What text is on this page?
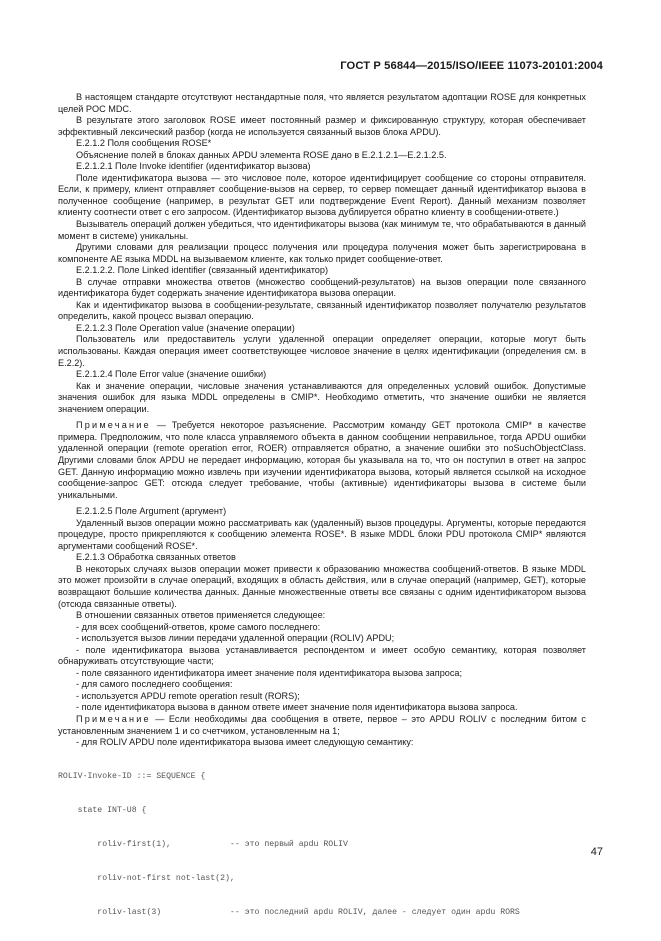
ГОСТ Р 56844—2015/ISO/IEEE 11073-20101:2004

В настоящем стандарте отсутствуют нестандартные поля, что является результатом адоптации ROSE для конкретных целей POC MDC.

В результате этого заголовок ROSE имеет постоянный размер и фиксированную структуру, которая обеспечивает эффективный лексический разбор (когда не используется связанный вызов блока APDU).

E.2.1.2 Поля сообщения ROSE*

Объяснение полей в блоках данных APDU элемента ROSE дано в E.2.1.2.1—E.2.1.2.5.

E.2.1.2.1 Поле Invoke identifier (идентификатор вызова)

Поле идентификатора вызова — это числовое поле, которое идентифицирует сообщение со стороны отправителя. Если, к примеру, клиент отправляет сообщение-вызов на сервер, то сервер помещает данный идентификатор вызова в полученное сообщение (например, в результат GET или подтверждение Event Report). Данный механизм позволяет клиенту соотнести ответ с его запросом. (Идентификатор вызова дублируется обратно клиенту в сообщении-ответе.)

Вызыватель операций должен убедиться, что идентификаторы вызова (как минимум те, что обрабатываются в данный момент в системе) уникальны.

Другими словами для реализации процесс получения или процедура получения может быть зарегистрирована в компоненте AE языка MDDL на вызываемом клиенте, как только придет сообщение-ответ.

E.2.1.2.2. Поле Linked identifier (связанный идентификатор)

В случае отправки множества ответов (множество сообщений-результатов) на вызов операции поле связанного идентификатора будет содержать значение идентификатора вызова операции.

Как и идентификатор вызова в сообщении-результате, связанный идентификатор позволяет получателю результатов определить, какой процесс вызвал операцию.

E.2.1.2.3 Поле Operation value (значение операции)

Пользователь или предоставитель услуги удаленной операции определяет операции, которые могут быть использованы. Каждая операция имеет соответствующее числовое значение в целях идентификации (определения см. в E.2.2).

E.2.1.2.4 Поле Error value (значение ошибки)

Как и значение операции, числовые значения устанавливаются для определенных условий ошибок. Допустимые значения ошибок для языка MDDL определены в CMIP*. Необходимо отметить, что значение ошибки не является значением операции.

Примечание — Требуется некоторое разъяснение. Рассмотрим команду GET протокола CMIP* в качестве примера. Предположим, что поле класса управляемого объекта в данном сообщении неправильное, тогда APDU ошибки удаленной операции (remote operation error, ROER) отправляется обратно, а значение ошибки это noSuchObjectClass. Другими словами блок APDU не передает информацию, которая бы указывала на то, что он поступил в ответ на запрос GET. Данную информацию можно извлечь при изучении идентификатора вызова, который является ссылкой на исходное сообщение-запрос GET: отсюда следует требование, чтобы (активные) идентификаторы вызова в системе были уникальными.

E.2.1.2.5 Поле Argument (аргумент)

Удаленный вызов операции можно рассматривать как (удаленный) вызов процедуры. Аргументы, которые передаются процедуре, просто прикрепляются к сообщению элемента ROSE*. В языке MDDL блоки PDU протокола CMIP* являются аргументами сообщений ROSE*.

E.2.1.3 Обработка связанных ответов

В некоторых случаях вызов операции может привести к образованию множества сообщений-ответов. В языке MDDL это может произойти в случае операций, входящих в область действия, или в случае операций (например, GET), которые возвращают большие количества данных. Данные множественные ответы все связаны с одним идентификатором вызова (отсюда связанные ответы).

В отношении связанных ответов применяется следующее:

- для всех сообщений-ответов, кроме самого последнего:

- используется вызов линии передачи удаленной операции (ROLIV) APDU;

- поле идентификатора вызова устанавливается респондентом и имеет особую семантику, которая позволяет обнаруживать отсутствующие части;

- поле связанного идентификатора имеет значение поля идентификатора вызова запроса;

- для самого последнего сообщения:

- используется APDU remote operation result (RORS);

- поле идентификатора вызова в данном ответе имеет значение поля идентификатора вызова запроса.

Примечание — Если необходимы два сообщения в ответе, первое – это APDU ROLIV с последним битом с установленным значением 1 и со счетчиком, установленным на 1;

- для ROLIV APDU поле идентификатора вызова имеет следующую семантику:

ROLIV-Invoke-ID ::= SEQUENCE {

state INT-U8 {

roliv-first(1),            -- это первый apdu ROLIV

roliv-not-first not-last(2),

roliv-last(3)              -- это последний apdu ROLIV, далее - следует один apdu RORS

47
